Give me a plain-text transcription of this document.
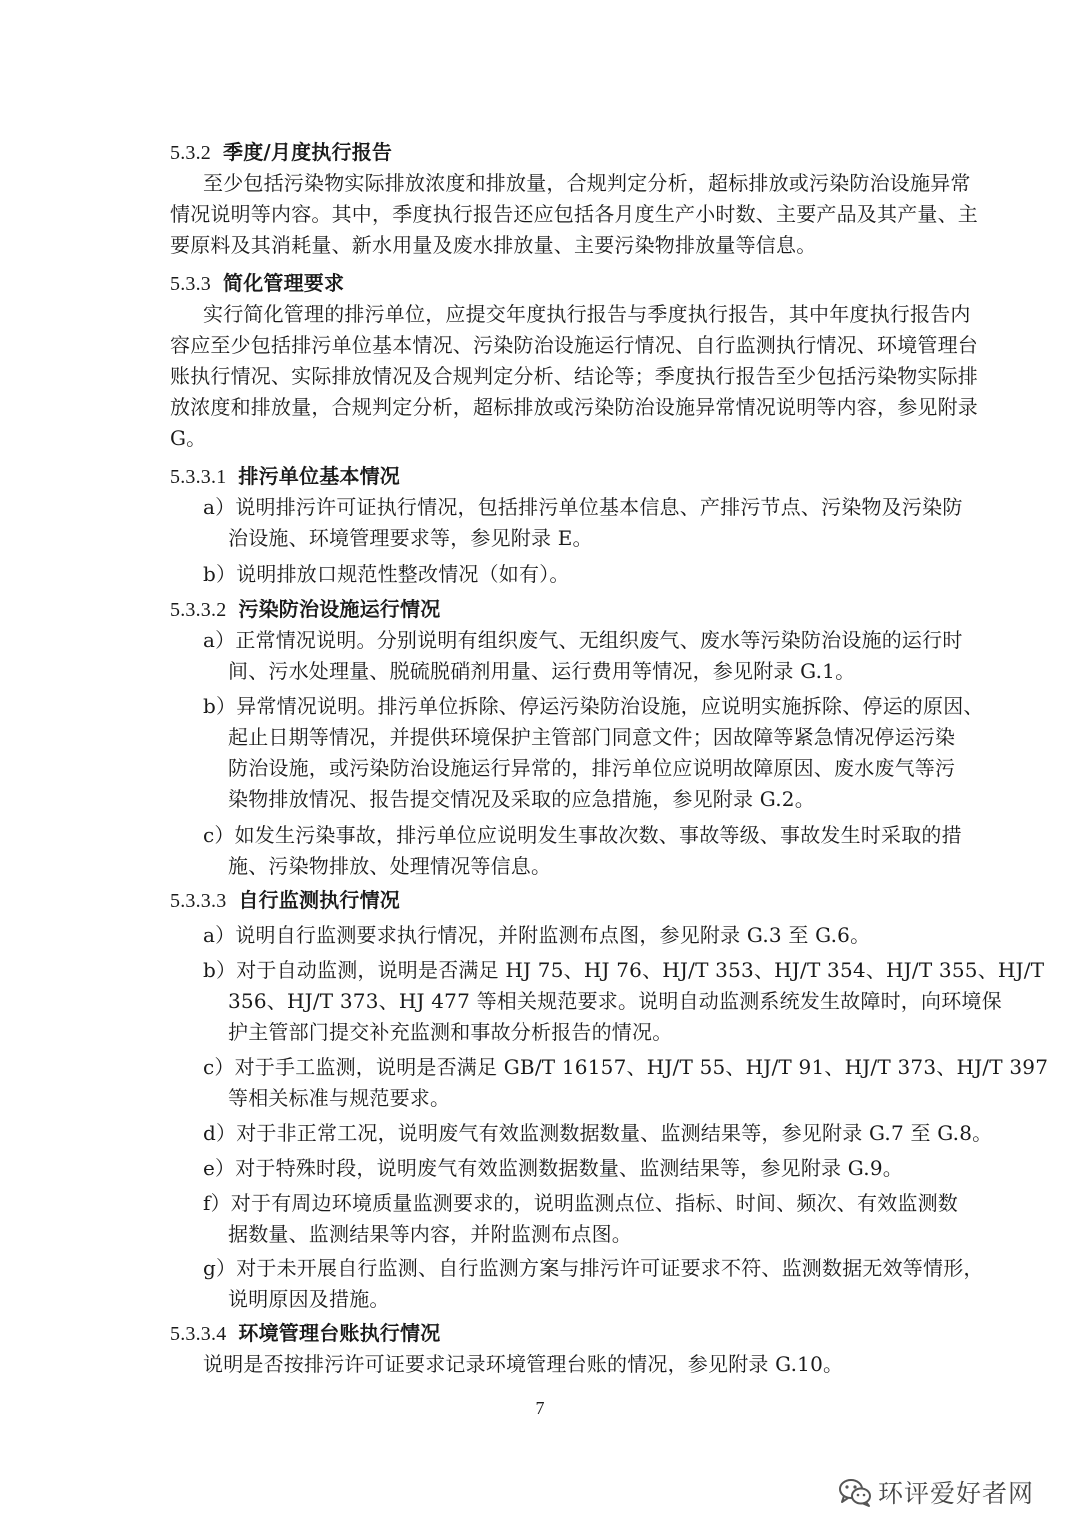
5.3.2 季度/月度执行报告
至少包括污染物实际排放浓度和排放量，合规判定分析，超标排放或污染防治设施异常
情况说明等内容。其中，季度执行报告还应包括各月度生产小时数、主要产品及其产量、主
要原料及其消耗量、新水用量及废水排放量、主要污染物排放量等信息。
5.3.3 简化管理要求
实行简化管理的排污单位，应提交年度执行报告与季度执行报告，其中年度执行报告内
容应至少包括排污单位基本情况、污染防治设施运行情况、自行监测执行情况、环境管理台
账执行情况、实际排放情况及合规判定分析、结论等；季度执行报告至少包括污染物实际排
放浓度和排放量，合规判定分析，超标排放或污染防治设施异常情况说明等内容，参见附录
G。
5.3.3.1 排污单位基本情况
a）说明排污许可证执行情况，包括排污单位基本信息、产排污节点、污染物及污染防
治设施、环境管理要求等，参见附录 E。
b）说明排放口规范性整改情况（如有）。
5.3.3.2 污染防治设施运行情况
a）正常情况说明。分别说明有组织废气、无组织废气、废水等污染防治设施的运行时
间、污水处理量、脱硫脱硝剂用量、运行费用等情况，参见附录 G.1。
b）异常情况说明。排污单位拆除、停运污染防治设施，应说明实施拆除、停运的原因、
起止日期等情况，并提供环境保护主管部门同意文件；因故障等紧急情况停运污染
防治设施，或污染防治设施运行异常的，排污单位应说明故障原因、废水废气等污
染物排放情况、报告提交情况及采取的应急措施，参见附录 G.2。
c）如发生污染事故，排污单位应说明发生事故次数、事故等级、事故发生时采取的措
施、污染物排放、处理情况等信息。
5.3.3.3 自行监测执行情况
a）说明自行监测要求执行情况，并附监测布点图，参见附录 G.3 至 G.6。
b）对于自动监测，说明是否满足 HJ 75、HJ 76、HJ/T 353、HJ/T 354、HJ/T 355、HJ/T
356、HJ/T 373、HJ 477 等相关规范要求。说明自动监测系统发生故障时，向环境保
护主管部门提交补充监测和事故分析报告的情况。
c）对于手工监测，说明是否满足 GB/T 16157、HJ/T 55、HJ/T 91、HJ/T 373、HJ/T 397
等相关标准与规范要求。
d）对于非正常工况，说明废气有效监测数据数量、监测结果等，参见附录 G.7 至 G.8。
e）对于特殊时段，说明废气有效监测数据数量、监测结果等，参见附录 G.9。
f）对于有周边环境质量监测要求的，说明监测点位、指标、时间、频次、有效监测数
据数量、监测结果等内容，并附监测布点图。
g）对于未开展自行监测、自行监测方案与排污许可证要求不符、监测数据无效等情形，
说明原因及措施。
5.3.3.4 环境管理台账执行情况
说明是否按排污许可证要求记录环境管理台账的情况，参见附录 G.10。
7
环评爱好者网
